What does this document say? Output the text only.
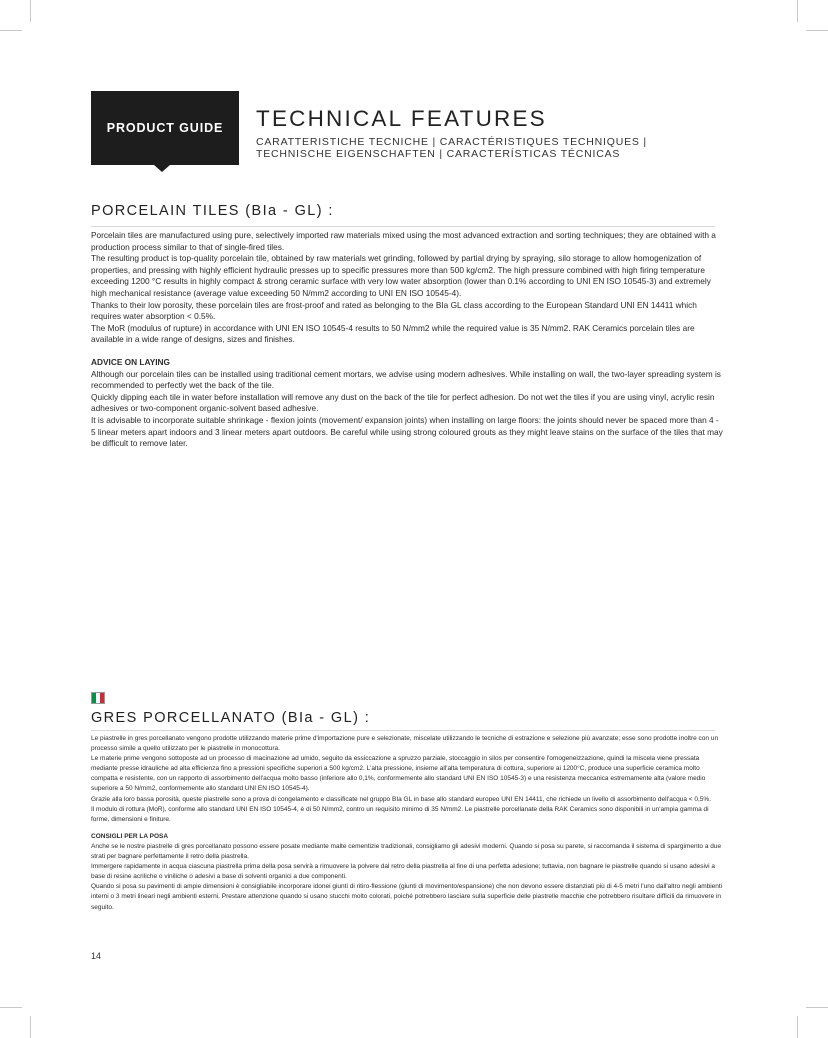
PRODUCT GUIDE TECHNICAL FEATURES
CARATTERISTICHE TECNICHE | CARACTÉRISTIQUES TECHNIQUES |
TECHNISCHE EIGENSCHAFTEN | CARACTERÍSTICAS TÉCNICAS
PORCELAIN TILES (BIa - GL) :

Porcelain tiles are manufactured using pure, selectively imported raw materials mixed using the most advanced extraction and sorting techniques; they are obtained with a production process similar to that of single-fired tiles.

The resulting product is top-quality porcelain tile, obtained by raw materials wet grinding, followed by partial drying by spraying, silo storage to allow homogenization of properties, and pressing with highly efficient hydraulic presses up to specific pressures more than 500 kg/cm2. The high pressure combined with high firing temperature exceeding 1200 °C results in highly compact & strong ceramic surface with very low water absorption (lower than 0.1% according to UNI EN ISO 10545-3) and extremely high mechanical resistance (average value exceeding 50 N/mm2 according to UNI EN ISO 10545-4).

Thanks to their low porosity, these porcelain tiles are frost-proof and rated as belonging to the BIa GL class according to the European Standard UNI EN 14411 which requires water absorption < 0.5%.

The MoR (modulus of rupture) in accordance with UNI EN ISO 10545-4 results to 50 N/mm2 while the required value is 35 N/mm2. RAK Ceramics porcelain tiles are available in a wide range of designs, sizes and finishes.

ADVICE ON LAYING

Although our porcelain tiles can be installed using traditional cement mortars, we advise using modern adhesives. While installing on wall, the two-layer spreading system is recommended to perfectly wet the back of the tile.

Quickly dipping each tile in water before installation will remove any dust on the back of the tile for perfect adhesion. Do not wet the tiles if you are using vinyl, acrylic resin adhesives or two-component organic-solvent based adhesive.

It is advisable to incorporate suitable shrinkage - flexion joints (movement/ expansion joints) when installing on large floors: the joints should never be spaced more than 4 - 5 linear meters apart indoors and 3 linear meters apart outdoors. Be careful while using strong coloured grouts as they might leave stains on the surface of the tiles that may be difficult to remove later.

GRES PORCELLANATO (BIa - GL) :

Le piastrelle in gres porcellanato vengono prodotte utilizzando materie prime d'importazione pure e selezionate, miscelate utilizzando le tecniche di estrazione e selezione più avanzate; esse sono prodotte inoltre con un processo simile a quello utilizzato per le piastrelle in monocottura.

Le materie prime vengono sottoposte ad un processo di macinazione ad umido, seguito da essiccazione a spruzzo parziale, stoccaggio in silos per consentire l'omogeneizzazione, quindi la miscela viene pressata mediante presse idrauliche ad alta efficienza fino a pressioni specifiche superiori a 500 kg/cm2. L'alta pressione, insieme all'alta temperatura di cottura, superiore ai 1200°C, produce una superficie ceramica molto compatta e resistente, con un rapporto di assorbimento dell'acqua molto basso (inferiore allo 0,1%, conformemente allo standard UNI EN ISO 10545-3) e una resistenza meccanica estremamente alta (valore medio superiore a 50 N/mm2, conformemente allo standard UNI EN ISO 10545-4).

Grazie alla loro bassa porosità, queste piastrelle sono a prova di congelamento e classificate nel gruppo BIa GL in base allo standard europeo UNI EN 14411, che richiede un livello di assorbimento dell'acqua < 0,5%.

Il modulo di rottura (MoR), conforme allo standard UNI EN ISO 10545-4, è di 50 N/mm2, contro un requisito minimo di 35 N/mm2. Le piastrelle porcellanate della RAK Ceramics sono disponibili in un'ampia gamma di forme, dimensioni e finiture.

CONSIGLI PER LA POSA

Anche se le nostre piastrelle di gres porcellanato possono essere posate mediante malte cementizie tradizionali, consigliamo gli adesivi moderni. Quando si posa su parete, si raccomanda il sistema di spargimento a due strati per bagnare perfettamente il retro della piastrella.

Immergere rapidamente in acqua ciascuna piastrella prima della posa servirà a rimuovere la polvere dal retro della piastrella al fine di una perfetta adesione; tuttavia, non bagnare le piastrelle quando si usano adesivi a base di resine acriliche o viniliche o adesivi a base di solventi organici a due componenti.

Quando si posa su pavimenti di ampie dimensioni è consigliabile incorporare idonei giunti di ritiro-flessione (giunti di movimento/espansione) che non devono essere distanziati più di 4-5 metri l'uno dall'altro negli ambienti interni o 3 metri lineari negli ambienti esterni. Prestare attenzione quando si usano stucchi molto colorati, poiché potrebbero lasciare sulla superficie delle piastrelle macchie che potrebbero risultare difficili da rimuovere in seguito.

14
